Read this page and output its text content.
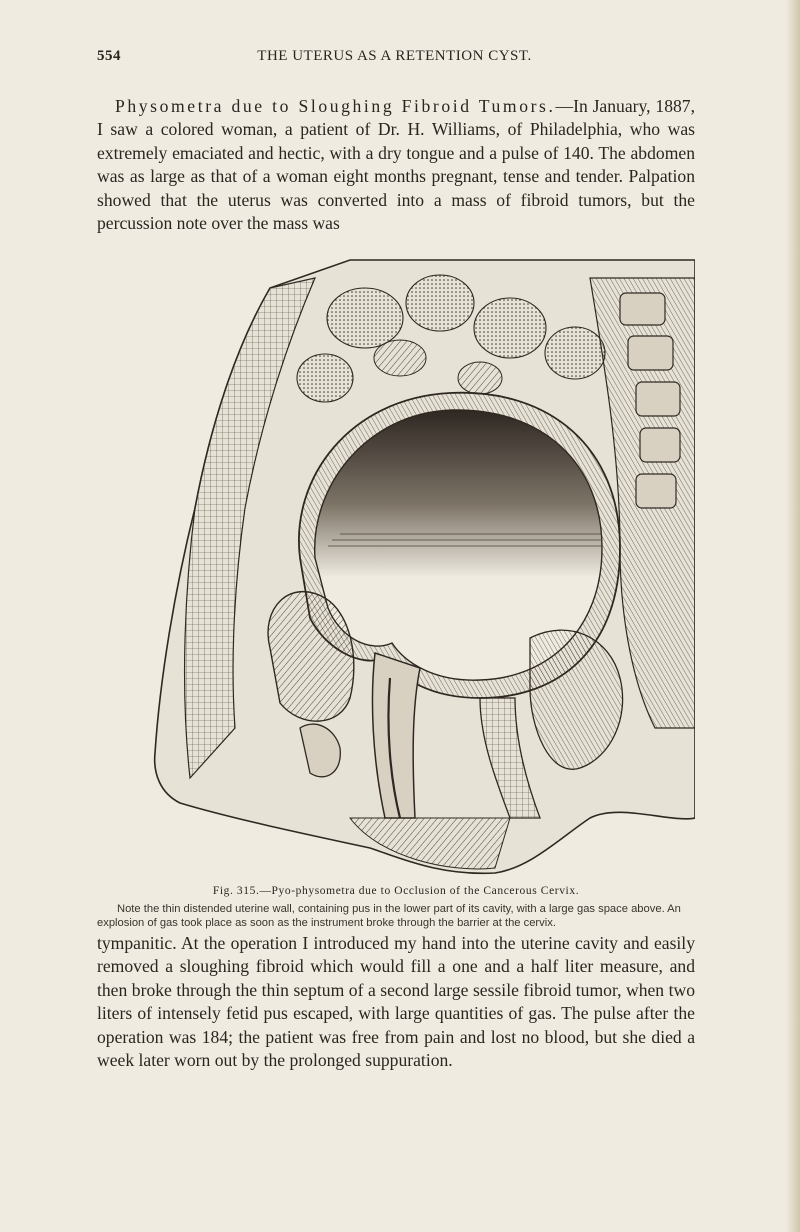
554	THE UTERUS AS A RETENTION CYST.
Physometra due to Sloughing Fibroid Tumors.—In January, 1887, I saw a colored woman, a patient of Dr. H. Williams, of Philadelphia, who was extremely emaciated and hectic, with a dry tongue and a pulse of 140. The abdomen was as large as that of a woman eight months pregnant, tense and tender. Palpation showed that the uterus was converted into a mass of fibroid tumors, but the percussion note over the mass was
Fig. 315.—Pyo-physometra due to Occlusion of the Cancerous Cervix.
Note the thin distended uterine wall, containing pus in the lower part of its cavity, with a large gas space above. An explosion of gas took place as soon as the instrument broke through the barrier at the cervix.
tympanitic. At the operation I introduced my hand into the uterine cavity and easily removed a sloughing fibroid which would fill a one and a half liter measure, and then broke through the thin septum of a second large sessile fibroid tumor, when two liters of intensely fetid pus escaped, with large quantities of gas. The pulse after the operation was 184; the patient was free from pain and lost no blood, but she died a week later worn out by the prolonged suppuration.
